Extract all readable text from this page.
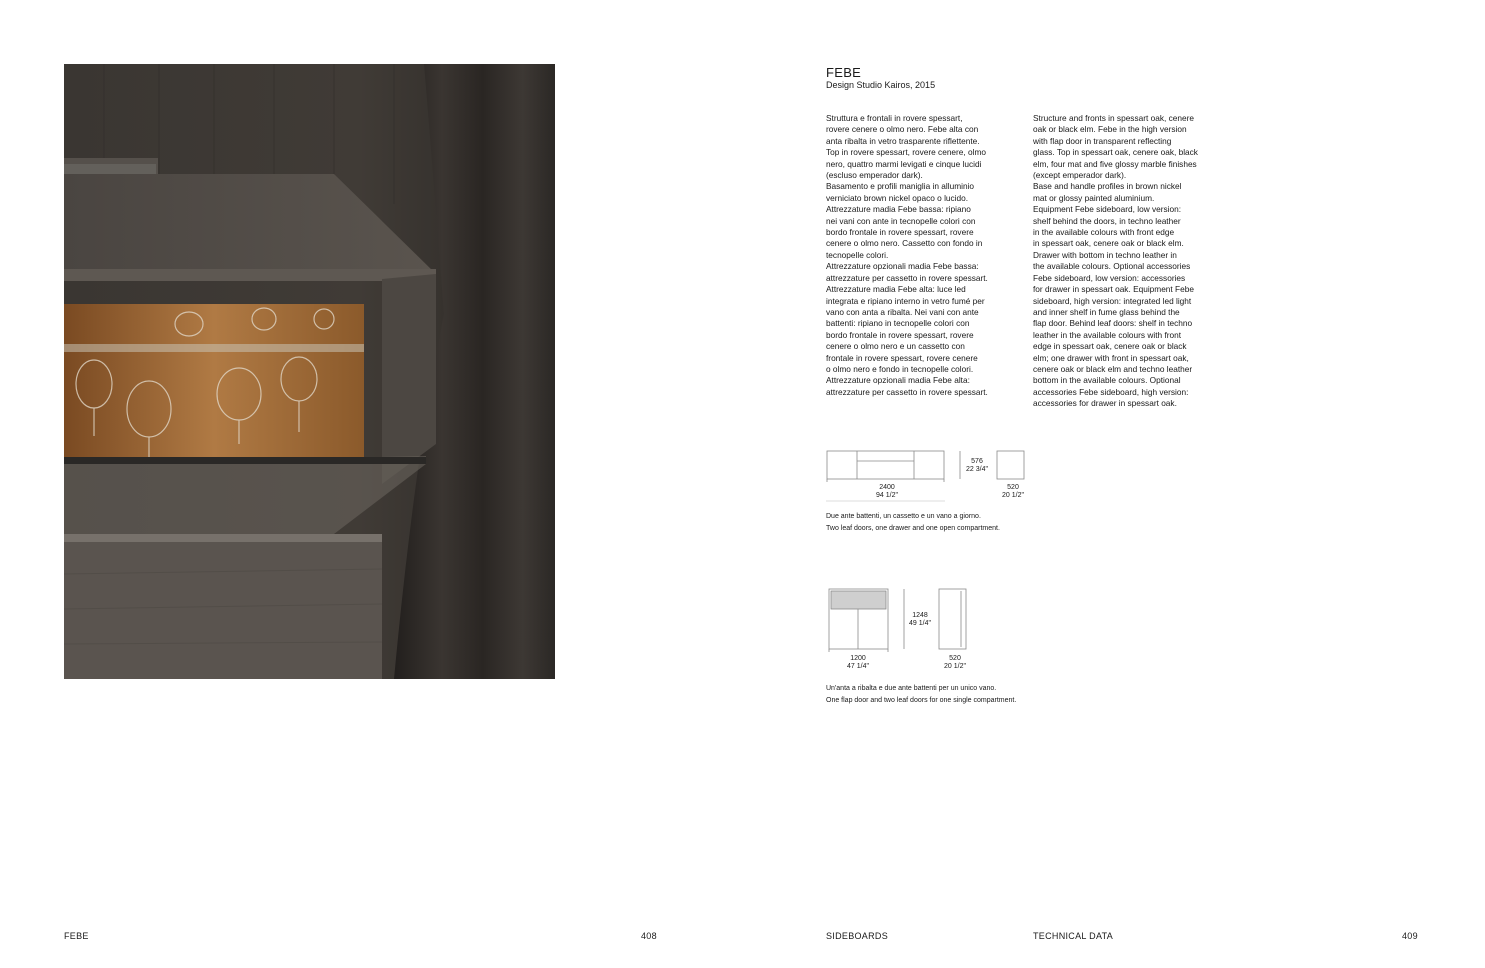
FEBE
Design Studio Kairos, 2015

Struttura e frontali in rovere spessart,
rovere cenere o olmo nero. Febe alta con
anta ribalta in vetro trasparente riflettente.
Top in rovere spessart, rovere cenere, olmo
nero, quattro marmi levigati e cinque lucidi
(escluso emperador dark).
Basamento e profili maniglia in alluminio
verniciato brown nickel opaco o lucido.
Attrezzature madia Febe bassa: ripiano
nei vani con ante in tecnopelle colori con
bordo frontale in rovere spessart, rovere
cenere o olmo nero. Cassetto con fondo in
tecnopelle colori.
Attrezzature opzionali madia Febe bassa:
attrezzature per cassetto in rovere spessart.
Attrezzature madia Febe alta: luce led
integrata e ripiano interno in vetro fumé per
vano con anta a ribalta. Nei vani con ante
battenti: ripiano in tecnopelle colori con
bordo frontale in rovere spessart, rovere
cenere o olmo nero e un cassetto con
frontale in rovere spessart, rovere cenere
o olmo nero e fondo in tecnopelle colori.
Attrezzature opzionali madia Febe alta:
attrezzature per cassetto in rovere spessart.

Structure and fronts in spessart oak, cenere
oak or black elm. Febe in the high version
with flap door in transparent reflecting
glass. Top in spessart oak, cenere oak, black
elm, four mat and five glossy marble finishes
(except emperador dark).
Base and handle profiles in brown nickel
mat or glossy painted aluminium.
Equipment Febe sideboard, low version:
shelf behind the doors, in techno leather
in the available colours with front edge
in spessart oak, cenere oak or black elm.
Drawer with bottom in techno leather in
the available colours. Optional accessories
Febe sideboard, low version: accessories
for drawer in spessart oak. Equipment Febe
sideboard, high version: integrated led light
and inner shelf in fume glass behind the
flap door. Behind leaf doors: shelf in techno
leather in the available colours with front
edge in spessart oak, cenere oak or black
elm; one drawer with front in spessart oak,
cenere oak or black elm and techno leather
bottom in the available colours. Optional
accessories Febe sideboard, high version:
accessories for drawer in spessart oak.

2400
94 1/2"
576
22 3/4"
520
20 1/2"
Due ante battenti, un cassetto e un vano a giorno.
Two leaf doors, one drawer and one open compartment.
1200
47 1/4"
1248
49 1/4"
520
20 1/2"
Un'anta a ribalta e due ante battenti per un unico vano.
One flap door and two leaf doors for one single compartment.
FEBE	408	SIDEBOARDS	TECHNICAL DATA	409
